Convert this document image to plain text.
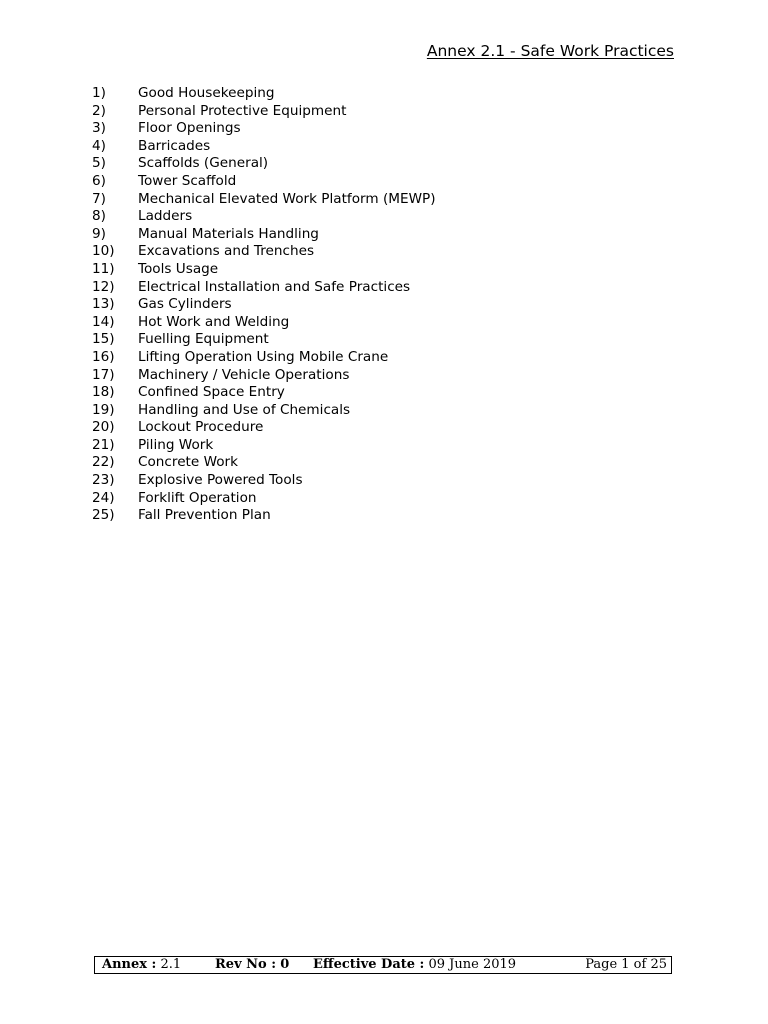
Annex 2.1 - Safe Work Practices
1)	Good Housekeeping
2)	Personal Protective Equipment
3)	Floor Openings
4)	Barricades
5)	Scaffolds (General)
6)	Tower Scaffold
7)	Mechanical Elevated Work Platform (MEWP)
8)	Ladders
9)	Manual Materials Handling
10)	Excavations and Trenches
11)	Tools Usage
12)	Electrical Installation and Safe Practices
13)	Gas Cylinders
14)	Hot Work and Welding
15)	Fuelling Equipment
16)	Lifting Operation Using Mobile Crane
17)	Machinery / Vehicle Operations
18)	Confined Space Entry
19)	Handling and Use of Chemicals
20)	Lockout Procedure
21)	Piling Work
22)	Concrete Work
23)	Explosive Powered Tools
24)	Forklift Operation
25)	Fall Prevention Plan
Annex : 2.1	Rev No : 0 Effective Date : 09 June 2019	Page 1 of 25
